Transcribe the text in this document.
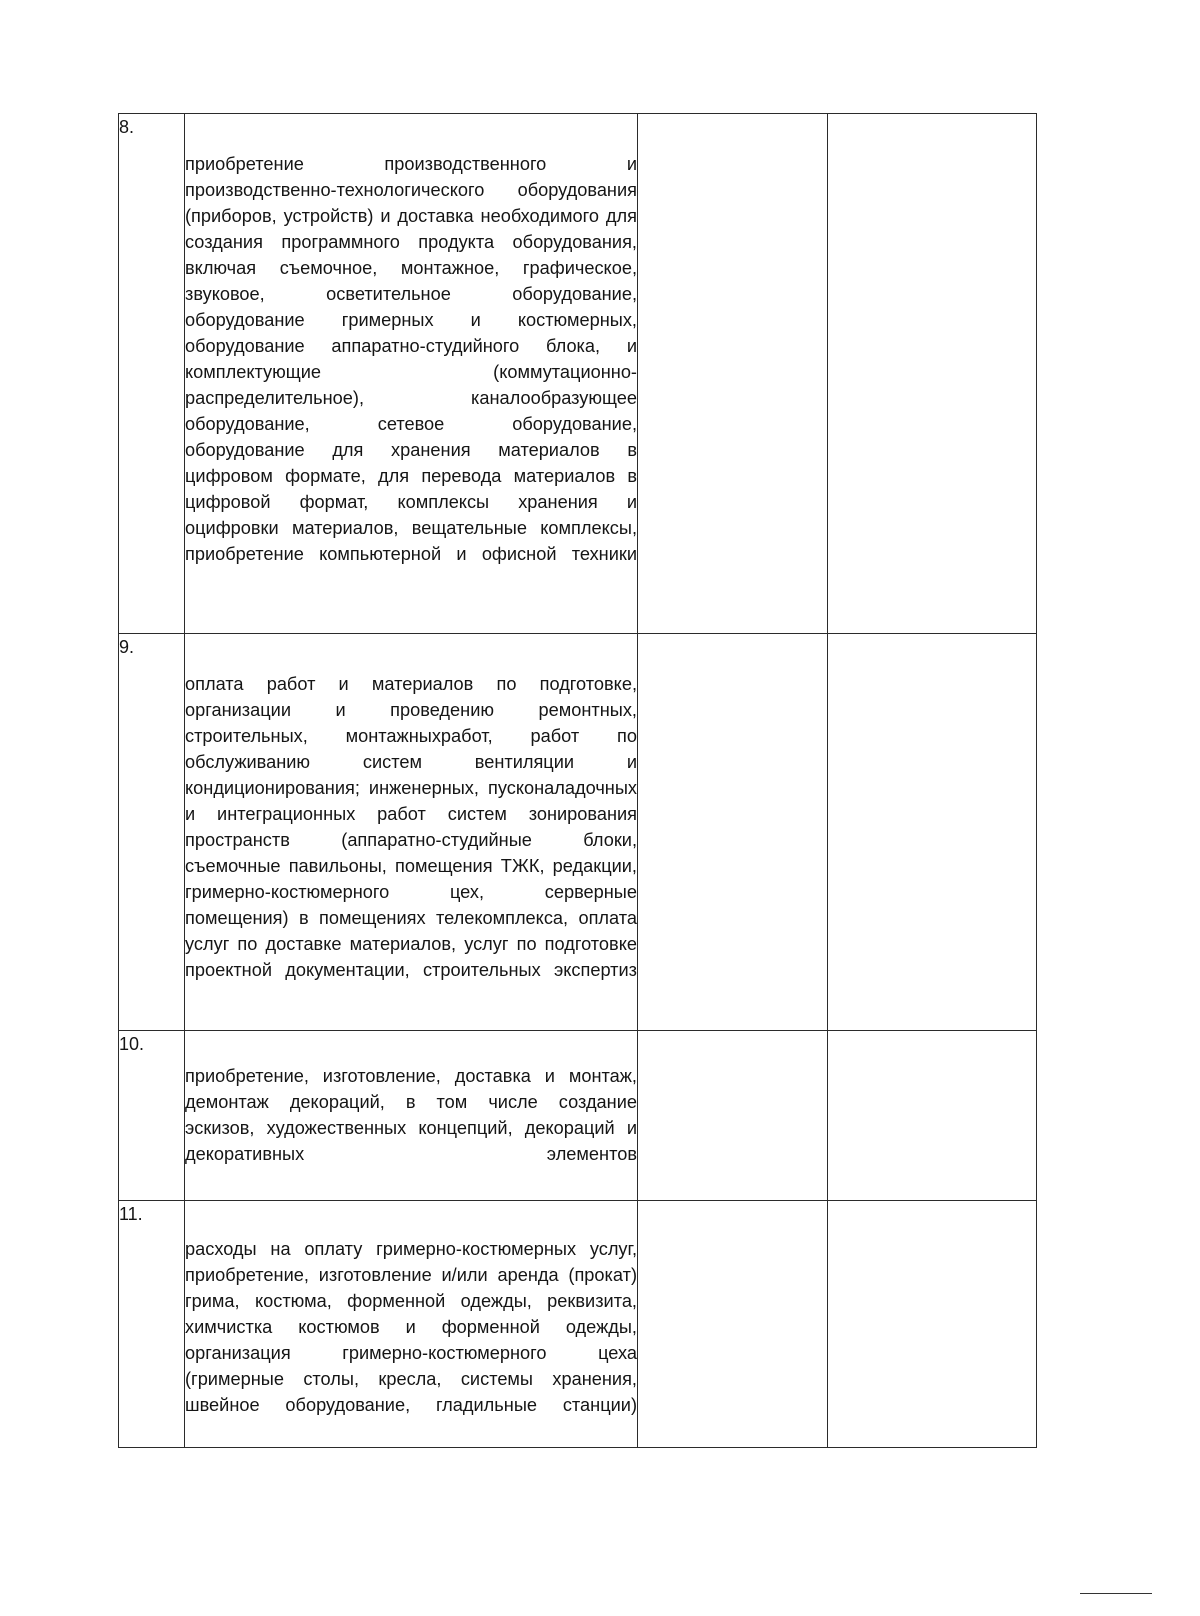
8.	приобретение производственного и производственно-технологического оборудования (приборов, устройств) и доставка необходимого для создания программного продукта оборудования, включая съемочное, монтажное, графическое, звуковое, осветительное оборудование, оборудование гримерных и костюмерных, оборудование аппаратно-студийного блока, и комплектующие (коммутационно-распределительное), каналообразующее оборудование, сетевое оборудование, оборудование для хранения материалов в цифровом формате, для перевода материалов в цифровой формат, комплексы хранения и оцифровки материалов, вещательные комплексы, приобретение компьютерной и офисной техники		

9.	оплата работ и материалов по подготовке, организации и проведению ремонтных, строительных, монтажныхработ, работ по обслуживанию систем вентиляции и кондиционирования; инженерных, пусконаладочных и интеграционных работ систем зонирования пространств (аппаратно-студийные блоки, съемочные павильоны, помещения ТЖК, редакции, гримерно-костюмерного цех, серверные помещения) в помещениях телекомплекса, оплата услуг по доставке материалов, услуг по подготовке проектной документации, строительных экспертиз		

10.	приобретение, изготовление, доставка и монтаж, демонтаж декораций, в том числе создание эскизов, художественных концепций, декораций и декоративных элементов		

11.	расходы на оплату гримерно-костюмерных услуг, приобретение, изготовление и/или аренда (прокат) грима, костюма, форменной одежды, реквизита, химчистка костюмов и форменной одежды, организация гримерно-костюмерного цеха (гримерные столы, кресла, системы хранения, швейное оборудование, гладильные станции)		
